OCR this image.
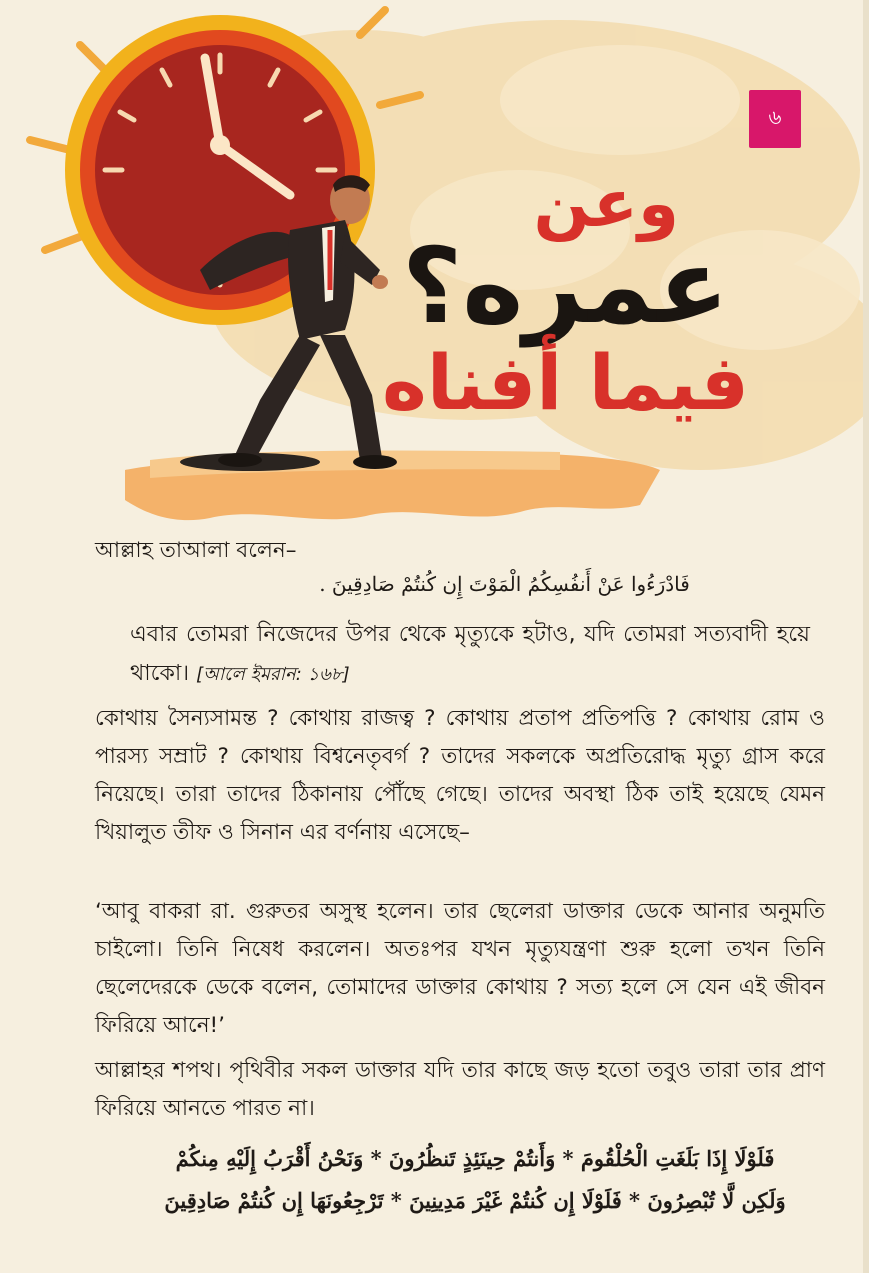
৬
وعن
عمره؟
فيما أفناه
আল্লাহ তাআলা বলেন–
فَادْرَءُوا عَنْ أَنفُسِكُمُ الْمَوْتَ إِن كُنتُمْ صَادِقِينَ .
এবার তোমরা নিজেদের উপর থেকে মৃত্যুকে হটাও, যদি তোমরা সত্যবাদী হয়ে থাকো। [আলে ইমরান: ১৬৮]
কোথায় সৈন্যসামন্ত ? কোথায় রাজত্ব ? কোথায় প্রতাপ প্রতিপত্তি ? কোথায় রোম ও পারস্য সম্রাট ? কোথায় বিশ্বনেতৃবর্গ ? তাদের সকলকে অপ্রতিরোদ্ধ মৃত্যু গ্রাস করে নিয়েছে। তারা তাদের ঠিকানায় পৌঁছে গেছে। তাদের অবস্থা ঠিক তাই হয়েছে যেমন খিয়ালুত তীফ ও সিনান এর বর্ণনায় এসেছে–
‘আবু বাকরা রা. গুরুতর অসুস্থ হলেন। তার ছেলেরা ডাক্তার ডেকে আনার অনুমতি চাইলো। তিনি নিষেধ করলেন। অতঃপর যখন মৃত্যুযন্ত্রণা শুরু হলো তখন তিনি ছেলেদেরকে ডেকে বলেন, তোমাদের ডাক্তার কোথায় ? সত্য হলে সে যেন এই জীবন ফিরিয়ে আনে!’
আল্লাহর শপথ। পৃথিবীর সকল ডাক্তার যদি তার কাছে জড় হতো তবুও তারা তার প্রাণ ফিরিয়ে আনতে পারত না।
فَلَوْلَا إِذَا بَلَغَتِ الْحُلْقُومَ * وَأَنتُمْ حِينَئِذٍ تَنظُرُونَ * وَنَحْنُ أَقْرَبُ إِلَيْهِ مِنكُمْ
وَلَكِن لَّا تُبْصِرُونَ * فَلَوْلَا إِن كُنتُمْ غَيْرَ مَدِينِينَ * تَرْجِعُونَهَا إِن كُنتُمْ صَادِقِينَ
